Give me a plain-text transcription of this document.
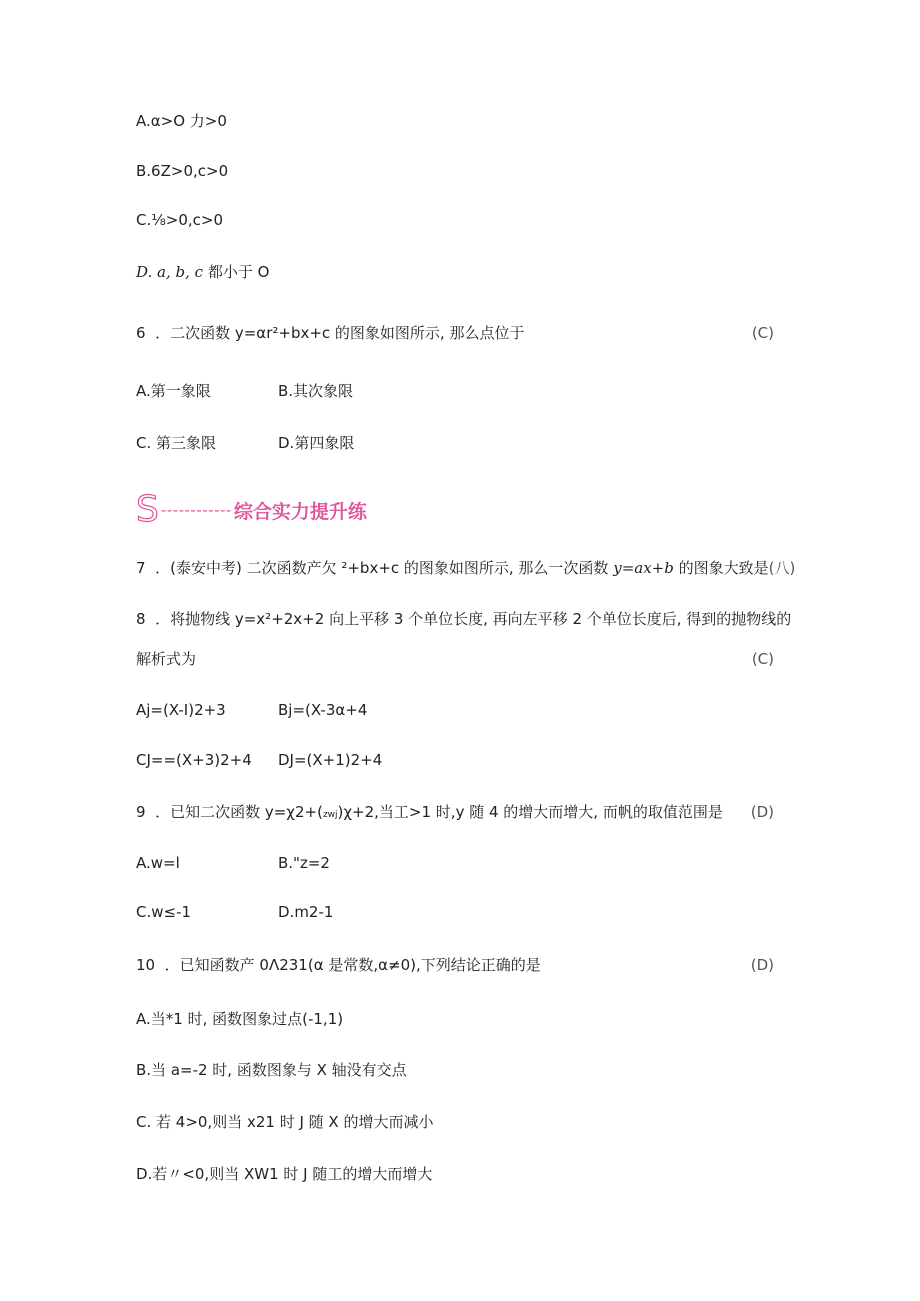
A.α>O 力>0
B.6Z>0,c>0
C.⅛>0,c>0
D. a, b, c 都小于 O
6 ．二次函数 y=αr²+bx+c 的图象如图所示, 那么点位于	(C)
A.第一象限	B.其次象限
C. 第三象限	D.第四象限
S ------------ 综合实力提升练
7 ．(泰安中考) 二次函数产欠 ²+bx+c 的图象如图所示, 那么一次函数 y=ax+b 的图象大致是(八)
8 ．将抛物线 y=x²+2x+2 向上平移 3 个单位长度, 再向左平移 2 个单位长度后, 得到的抛物线的
解析式为	(C)
Aj=(X-I)2+3	Bj=(X-3α+4
CJ==(X+3)2+4 DJ=(X+1)2+4
9 ．已知二次函数 y=χ2+(zwj)χ+2,当工>1 时,y 随 4 的增大而增大, 而帆的取值范围是 (D)
A.w=l	B."z=2
C.w≤-1	D.m2-1
10 ．已知函数产 0Λ231(α 是常数,α≠0),下列结论正确的是	(D)
A.当*1 时, 函数图象过点(-1,1)
B.当 a=-2 时, 函数图象与 X 轴没有交点
C. 若 4>0,则当 x21 时 J 随 X 的增大而减小
D.若〃<0,则当 XW1 时 J 随工的增大而增大
